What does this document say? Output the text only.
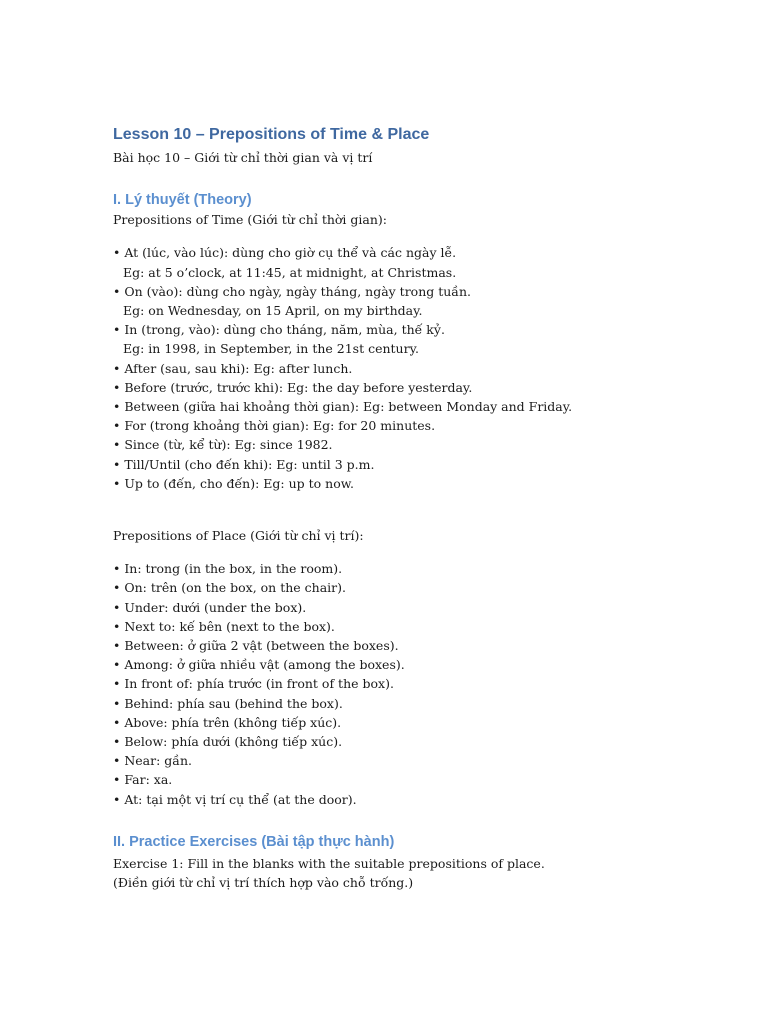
Lesson 10 – Prepositions of Time & Place
Bài học 10 – Giới từ chỉ thời gian và vị trí
I. Lý thuyết (Theory)
Prepositions of Time (Giới từ chỉ thời gian):
• At (lúc, vào lúc): dùng cho giờ cụ thể và các ngày lễ.
Eg: at 5 o’clock, at 11:45, at midnight, at Christmas.
• On (vào): dùng cho ngày, ngày tháng, ngày trong tuần.
Eg: on Wednesday, on 15 April, on my birthday.
• In (trong, vào): dùng cho tháng, năm, mùa, thế kỷ.
Eg: in 1998, in September, in the 21st century.
• After (sau, sau khi): Eg: after lunch.
• Before (trước, trước khi): Eg: the day before yesterday.
• Between (giữa hai khoảng thời gian): Eg: between Monday and Friday.
• For (trong khoảng thời gian): Eg: for 20 minutes.
• Since (từ, kể từ): Eg: since 1982.
• Till/Until (cho đến khi): Eg: until 3 p.m.
• Up to (đến, cho đến): Eg: up to now.
Prepositions of Place (Giới từ chỉ vị trí):
• In: trong (in the box, in the room).
• On: trên (on the box, on the chair).
• Under: dưới (under the box).
• Next to: kế bên (next to the box).
• Between: ở giữa 2 vật (between the boxes).
• Among: ở giữa nhiều vật (among the boxes).
• In front of: phía trước (in front of the box).
• Behind: phía sau (behind the box).
• Above: phía trên (không tiếp xúc).
• Below: phía dưới (không tiếp xúc).
• Near: gần.
• Far: xa.
• At: tại một vị trí cụ thể (at the door).
II. Practice Exercises (Bài tập thực hành)
Exercise 1: Fill in the blanks with the suitable prepositions of place.
(Điền giới từ chỉ vị trí thích hợp vào chỗ trống.)
